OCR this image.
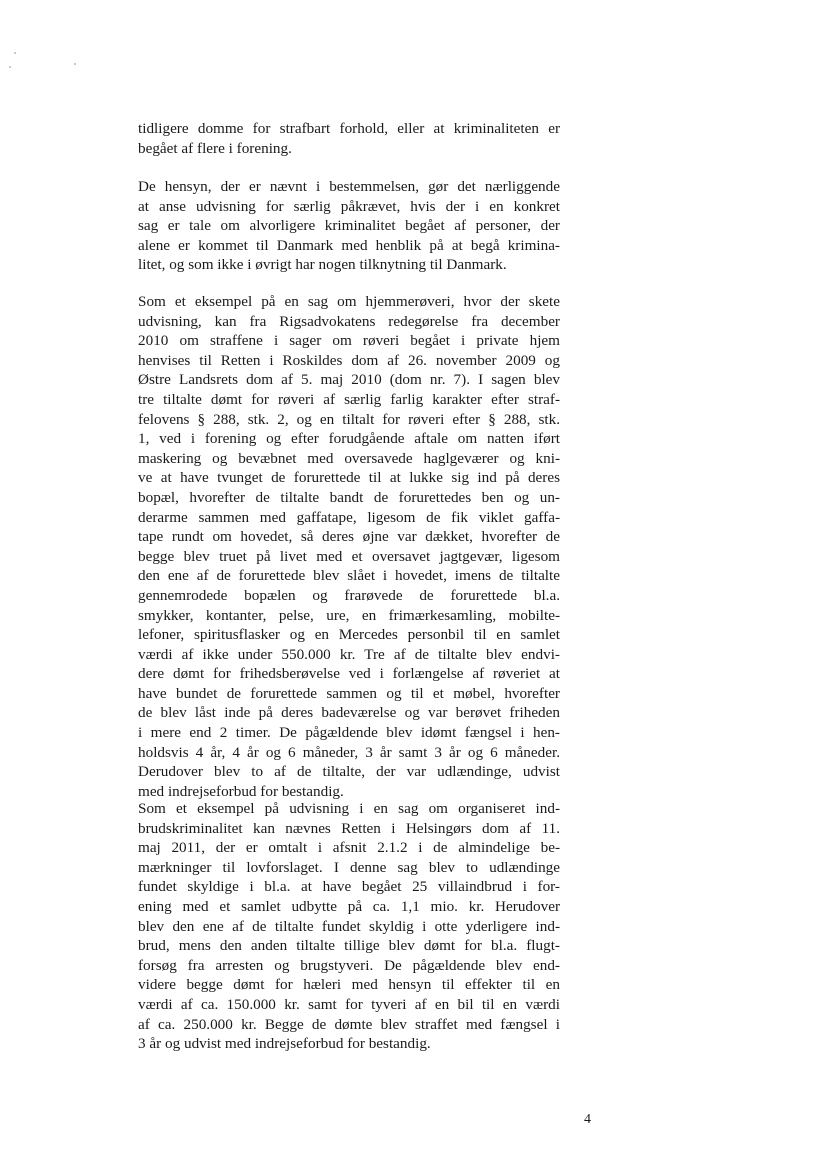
tidligere domme for strafbart forhold, eller at kriminaliteten er
begået af flere i forening.
De hensyn, der er nævnt i bestemmelsen, gør det nærliggende
at anse udvisning for særlig påkrævet, hvis der i en konkret
sag er tale om alvorligere kriminalitet begået af personer, der
alene er kommet til Danmark med henblik på at begå krimina-
litet, og som ikke i øvrigt har nogen tilknytning til Danmark.
Som et eksempel på en sag om hjemmerøveri, hvor der skete
udvisning, kan fra Rigsadvokatens redegørelse fra december
2010 om straffene i sager om røveri begået i private hjem
henvises til Retten i Roskildes dom af 26. november 2009 og
Østre Landsrets dom af 5. maj 2010 (dom nr. 7). I sagen blev
tre tiltalte dømt for røveri af særlig farlig karakter efter straf-
felovens § 288, stk. 2, og en tiltalt for røveri efter § 288, stk.
1, ved i forening og efter forudgående aftale om natten iført
maskering og bevæbnet med oversavede haglgeværer og kni-
ve at have tvunget de forurettede til at lukke sig ind på deres
bopæl, hvorefter de tiltalte bandt de forurettedes ben og un-
derarme sammen med gaffatape, ligesom de fik viklet gaffa-
tape rundt om hovedet, så deres øjne var dækket, hvorefter de
begge blev truet på livet med et oversavet jagtgevær, ligesom
den ene af de forurettede blev slået i hovedet, imens de tiltalte
gennemrodede bopælen og frarøvede de forurettede bl.a.
smykker, kontanter, pelse, ure, en frimærkesamling, mobilte-
lefoner, spiritusflasker og en Mercedes personbil til en samlet
værdi af ikke under 550.000 kr. Tre af de tiltalte blev endvi-
dere dømt for frihedsberøvelse ved i forlængelse af røveriet at
have bundet de forurettede sammen og til et møbel, hvorefter
de blev låst inde på deres badeværelse og var berøvet friheden
i mere end 2 timer. De pågældende blev idømt fængsel i hen-
holdsvis 4 år, 4 år og 6 måneder, 3 år samt 3 år og 6 måneder.
Derudover blev to af de tiltalte, der var udlændinge, udvist
med indrejseforbud for bestandig.
Som et eksempel på udvisning i en sag om organiseret ind-
brudskriminalitet kan nævnes Retten i Helsingørs dom af 11.
maj 2011, der er omtalt i afsnit 2.1.2 i de almindelige be-
mærkninger til lovforslaget. I denne sag blev to udlændinge
fundet skyldige i bl.a. at have begået 25 villaindbrud i for-
ening med et samlet udbytte på ca. 1,1 mio. kr. Herudover
blev den ene af de tiltalte fundet skyldig i otte yderligere ind-
brud, mens den anden tiltalte tillige blev dømt for bl.a. flugt-
forsøg fra arresten og brugstyveri. De pågældende blev end-
videre begge dømt for hæleri med hensyn til effekter til en
værdi af ca. 150.000 kr. samt for tyveri af en bil til en værdi
af ca. 250.000 kr. Begge de dømte blev straffet med fængsel i
3 år og udvist med indrejseforbud for bestandig.
4
